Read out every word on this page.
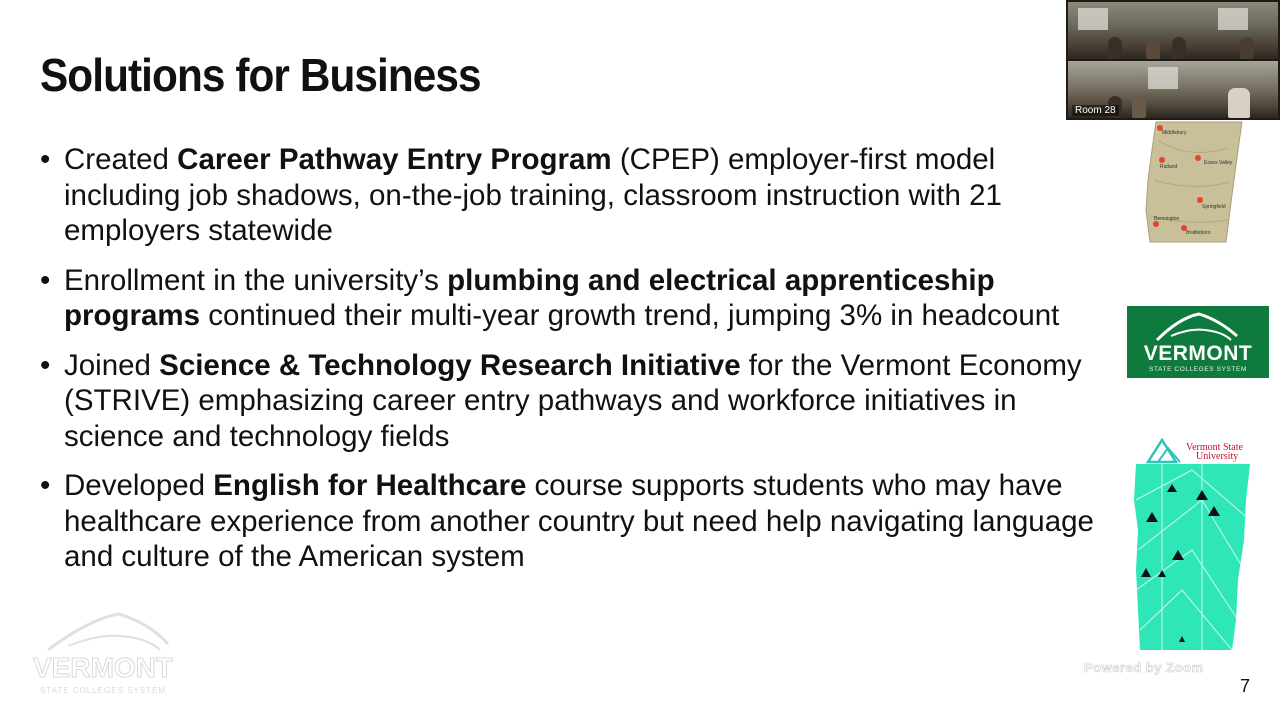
Solutions for Business
• Created Career Pathway Entry Program (CPEP) employer-first model including job shadows, on-the-job training, classroom instruction with 21 employers statewide
• Enrollment in the university’s plumbing and electrical apprenticeship programs continued their multi-year growth trend, jumping 3% in headcount
• Joined Science & Technology Research Initiative for the Vermont Economy (STRIVE) emphasizing career entry pathways and workforce initiatives in science and technology fields
• Developed English for Healthcare course supports students who may have healthcare experience from another country but need help navigating language and culture of the American system
Middlebury
Rutland
Bennington
Springfield
Brattleboro
Essex Valley
VERMONT
STATE COLLEGES SYSTEM
Vermont State
University
VERMONT
STATE COLLEGES SYSTEM
Powered by Zoom
7
Room 28
